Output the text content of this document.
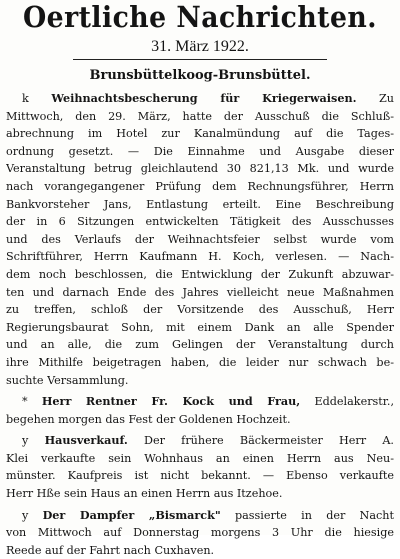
Oertliche Nachrichten.
31. März 1922.
Brunsbüttelkoog-Brunsbüttel.
k Weihnachtsbescherung für Kriegerwaisen. Zu
Mittwoch, den 29. März, hatte der Ausschuß die Schluß-
abrechnung im Hotel zur Kanalmündung auf die Tages-
ordnung gesetzt. — Die Einnahme und Ausgabe dieser
Veranstaltung betrug gleichlautend 30 821,13 Mk. und wurde
nach vorangegangener Prüfung dem Rechnungsführer, Herrn
Bankvorsteher Jans, Entlastung erteilt. Eine Beschreibung
der in 6 Sitzungen entwickelten Tätigkeit des Ausschusses
und des Verlaufs der Weihnachtsfeier selbst wurde vom
Schriftführer, Herrn Kaufmann H. Koch, verlesen. — Nach-
dem noch beschlossen, die Entwicklung der Zukunft abzuwar-
ten und darnach Ende des Jahres vielleicht neue Maßnahmen
zu treffen, schloß der Vorsitzende des Ausschuß, Herr
Regierungsbaurat Sohn, mit einem Dank an alle Spender
und an alle, die zum Gelingen der Veranstaltung durch
ihre Mithilfe beigetragen haben, die leider nur schwach be-
suchte Versammlung.
* Herr Rentner Fr. Kock und Frau, Eddelakerstr.,
begehen morgen das Fest der Goldenen Hochzeit.
y Hausverkauf. Der frühere Bäckermeister Herr A.
Klei verkaufte sein Wohnhaus an einen Herrn aus Neu-
münster. Kaufpreis ist nicht bekannt. — Ebenso verkaufte
Herr Hße sein Haus an einen Herrn aus Itzehoe.
y Der Dampfer „Bismarck" passierte in der Nacht
von Mittwoch auf Donnerstag morgens 3 Uhr die hiesige
Reede auf der Fahrt nach Cuxhaven.
